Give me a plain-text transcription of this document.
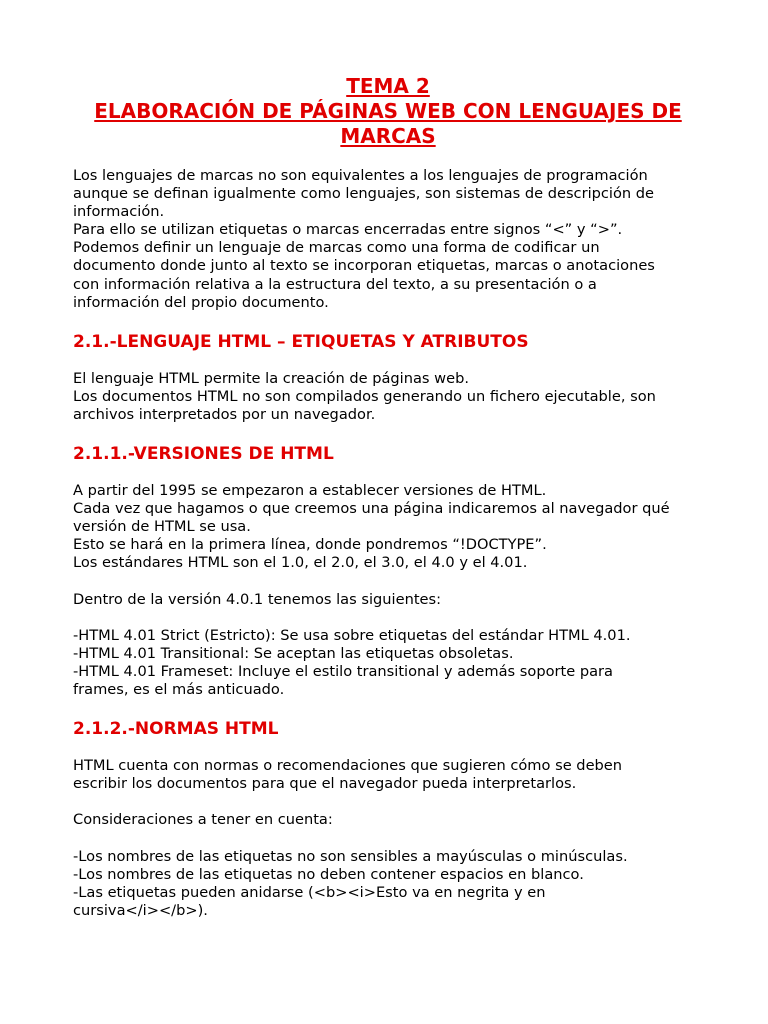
TEMA 2
ELABORACIÓN DE PÁGINAS WEB CON LENGUAJES DE
MARCAS

Los lenguajes de marcas no son equivalentes a los lenguajes de programación

aunque se definan igualmente como lenguajes, son sistemas de descripción de

información.

Para ello se utilizan etiquetas o marcas encerradas entre signos “<” y “>”.

Podemos definir un lenguaje de marcas como una forma de codificar un

documento donde junto al texto se incorporan etiquetas, marcas o anotaciones

con información relativa a la estructura del texto, a su presentación o a

información del propio documento.

2.1.-LENGUAJE HTML – ETIQUETAS Y ATRIBUTOS

El lenguaje HTML permite la creación de páginas web.

Los documentos HTML no son compilados generando un fichero ejecutable, son

archivos interpretados por un navegador.

2.1.1.-VERSIONES DE HTML

A partir del 1995 se empezaron a establecer versiones de HTML.

Cada vez que hagamos o que creemos una página indicaremos al navegador qué

versión de HTML se usa.

Esto se hará en la primera línea, donde pondremos “!DOCTYPE”.

Los estándares HTML son el 1.0, el 2.0, el 3.0, el 4.0 y el 4.01.

Dentro de la versión 4.0.1 tenemos las siguientes:

-HTML 4.01 Strict (Estricto): Se usa sobre etiquetas del estándar HTML 4.01.

-HTML 4.01 Transitional: Se aceptan las etiquetas obsoletas.

-HTML 4.01 Frameset: Incluye el estilo transitional y además soporte para

frames, es el más anticuado.

2.1.2.-NORMAS HTML

HTML cuenta con normas o recomendaciones que sugieren cómo se deben

escribir los documentos para que el navegador pueda interpretarlos.

Consideraciones a tener en cuenta:

-Los nombres de las etiquetas no son sensibles a mayúsculas o minúsculas.

-Los nombres de las etiquetas no deben contener espacios en blanco.

-Las etiquetas pueden anidarse (<b><i>Esto va en negrita y en

cursiva</i></b>).
